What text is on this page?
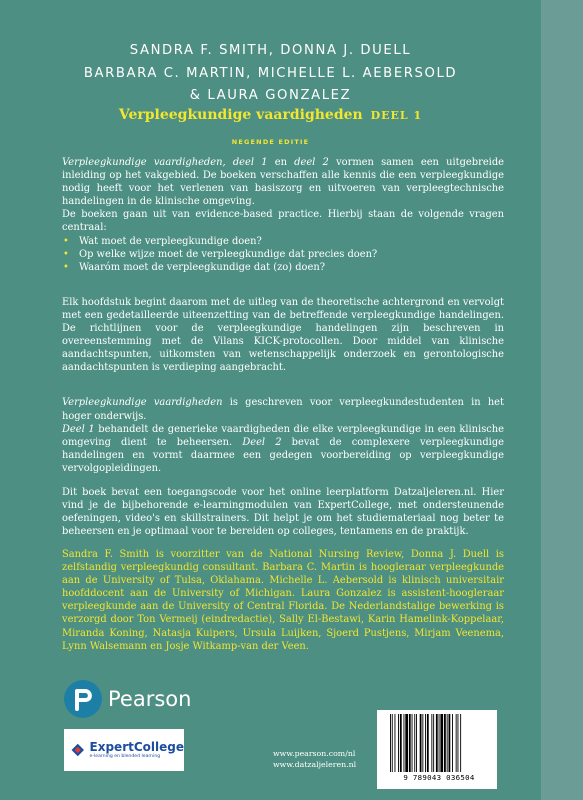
SANDRA F. SMITH, DONNA J. DUELL
BARBARA C. MARTIN, MICHELLE L. AEBERSOLD
& LAURA GONZALEZ
Verpleegkundige vaardigheden DEEL 1
NEGENDE EDITIE

Verpleegkundige vaardigheden, deel 1 en deel 2 vormen samen een uitgebreide inleiding op het vakgebied. De boeken verschaffen alle kennis die een verpleegkundige nodig heeft voor het verlenen van basiszorg en uitvoeren van verpleegtechnische handelingen in de klinische omgeving.

De boeken gaan uit van evidence-based practice. Hierbij staan de volgende vragen centraal:

• Wat moet de verpleegkundige doen?
• Op welke wijze moet de verpleegkundige dat precies doen?
• Waaróm moet de verpleegkundige dat (zo) doen?

Elk hoofdstuk begint daarom met de uitleg van de theoretische achtergrond en vervolgt met een gedetailleerde uiteenzetting van de betreffende verpleegkundige handelingen. De richtlijnen voor de verpleegkundige handelingen zijn beschreven in overeenstemming met de Vilans KICK-protocollen. Door middel van klinische aandachtspunten, uitkomsten van wetenschappelijk onderzoek en gerontologische aandachtspunten is verdieping aangebracht.

Verpleegkundige vaardigheden is geschreven voor verpleegkundestudenten in het hoger onderwijs.
Deel 1 behandelt de generieke vaardigheden die elke verpleegkundige in een klinische omgeving dient te beheersen. Deel 2 bevat de complexere verpleegkundige handelingen en vormt daarmee een gedegen voorbereiding op verpleegkundige vervolgopleidingen.

Dit boek bevat een toegangscode voor het online leerplatform Datzaljeleren.nl. Hier vind je de bijbehorende e-learningmodulen van ExpertCollege, met ondersteunende oefeningen, video's en skillstrainers. Dit helpt je om het studiemateriaal nog beter te beheersen en je optimaal voor te bereiden op colleges, tentamens en de praktijk.

Sandra F. Smith is voorzitter van de National Nursing Review, Donna J. Duell is zelfstandig verpleegkundig consultant. Barbara C. Martin is hoogleraar verpleegkunde aan de University of Tulsa, Oklahama. Michelle L. Aebersold is klinisch universitair hoofddocent aan de University of Michigan. Laura Gonzalez is assistent-hoogleraar verpleegkunde aan de University of Central Florida. De Nederlandstalige bewerking is verzorgd door Ton Vermeij (eindredactie), Sally El-Bestawi, Karin Hamelink-Koppelaar, Miranda Koning, Natasja Kuipers, Ursula Luijken, Sjoerd Pustjens, Mirjam Veenema, Lynn Walsemann en Josje Witkamp-van der Veen.
Pearson
ExpertCollege
e-learning en blended learning	www.pearson.com/nl
www.datzaljeleren.nl
9 789043 036504
